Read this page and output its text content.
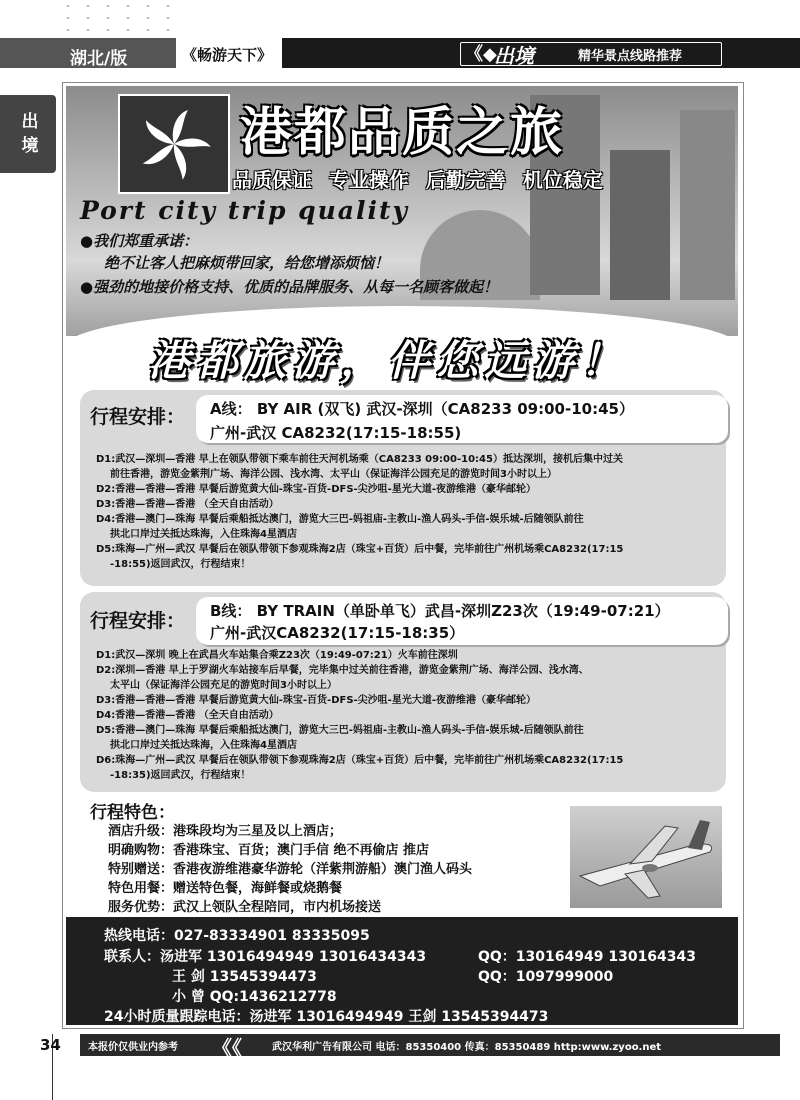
湖北/版	《畅游天下》	《◆
出境	精华景点线路推荐
出境	港都品质之旅
品质保证 专业操作 后勤完善 机位稳定
Port city trip quality
●我们郑重承诺：
绝不让客人把麻烦带回家，给您增添烦恼！
●强劲的地接价格支持、优质的品牌服务、从每一名顾客做起！
港都旅游，伴您远游！
行程安排： A线： BY AIR (双飞) 武汉-深圳（CA8233 09:00-10:45）
广州-武汉 CA8232(17:15-18:55)
D1:武汉—深圳—香港 早上在领队带领下乘车前往天河机场乘（CA8233 09:00-10:45）抵达深圳，接机后集中过关
前往香港，游览金紫荆广场、海洋公园、浅水湾、太平山（保证海洋公园充足的游览时间3小时以上）
D2:香港—香港—香港 早餐后游览黄大仙-珠宝-百货-DFS-尖沙咀-星光大道-夜游维港（豪华邮轮）
D3:香港—香港—香港 （全天自由活动）
D4:香港—澳门—珠海 早餐后乘船抵达澳门，游览大三巴-妈祖庙-主教山-渔人码头-手信-娱乐城-后随领队前往
拱北口岸过关抵达珠海，入住珠海4星酒店
D5:珠海—广州—武汉 早餐后在领队带领下参观珠海2店（珠宝+百货）后中餐，完毕前往广州机场乘CA8232(17:15
-18:55)返回武汉，行程结束！
行程安排： B线： BY TRAIN（单卧单飞）武昌-深圳Z23次（19:49-07:21）
广州-武汉CA8232(17:15-18:35）
D1:武汉—深圳 晚上在武昌火车站集合乘Z23次（19:49-07:21）火车前往深圳
D2:深圳—香港 早上于罗湖火车站接车后早餐，完毕集中过关前往香港，游览金紫荆广场、海洋公园、浅水湾、
太平山（保证海洋公园充足的游览时间3小时以上）
D3:香港—香港—香港 早餐后游览黄大仙-珠宝-百货-DFS-尖沙咀-星光大道-夜游维港（豪华邮轮）
D4:香港—香港—香港 （全天自由活动）
D5:香港—澳门—珠海 早餐后乘船抵达澳门，游览大三巴-妈祖庙-主教山-渔人码头-手信-娱乐城-后随领队前往
拱北口岸过关抵达珠海，入住珠海4星酒店
D6:珠海—广州—武汉 早餐后在领队带领下参观珠海2店（珠宝+百货）后中餐，完毕前往广州机场乘CA8232(17:15
-18:35)返回武汉，行程结束！
行程特色：
酒店升级：港珠段均为三星及以上酒店；
明确购物：香港珠宝、百货；澳门手信 绝不再偷店 推店
特别赠送：香港夜游维港豪华游轮（洋紫荆游船）澳门渔人码头
特色用餐：赠送特色餐，海鲜餐或烧鹅餐
服务优势：武汉上领队全程陪同，市内机场接送
热线电话：027-83334901 83335095
联系人：汤进军 13016494949 13016434343	QQ：130164949 130164343
王 剑 13545394473	QQ：1097999000
小 曾 QQ:1436212778
24小时质量跟踪电话：汤进军 13016494949 王剑 13545394473
34	本报价仅供业内参考 《《	武汉华利广告有限公司 电话：85350400 传真：85350489 http:www.zyoo.net
